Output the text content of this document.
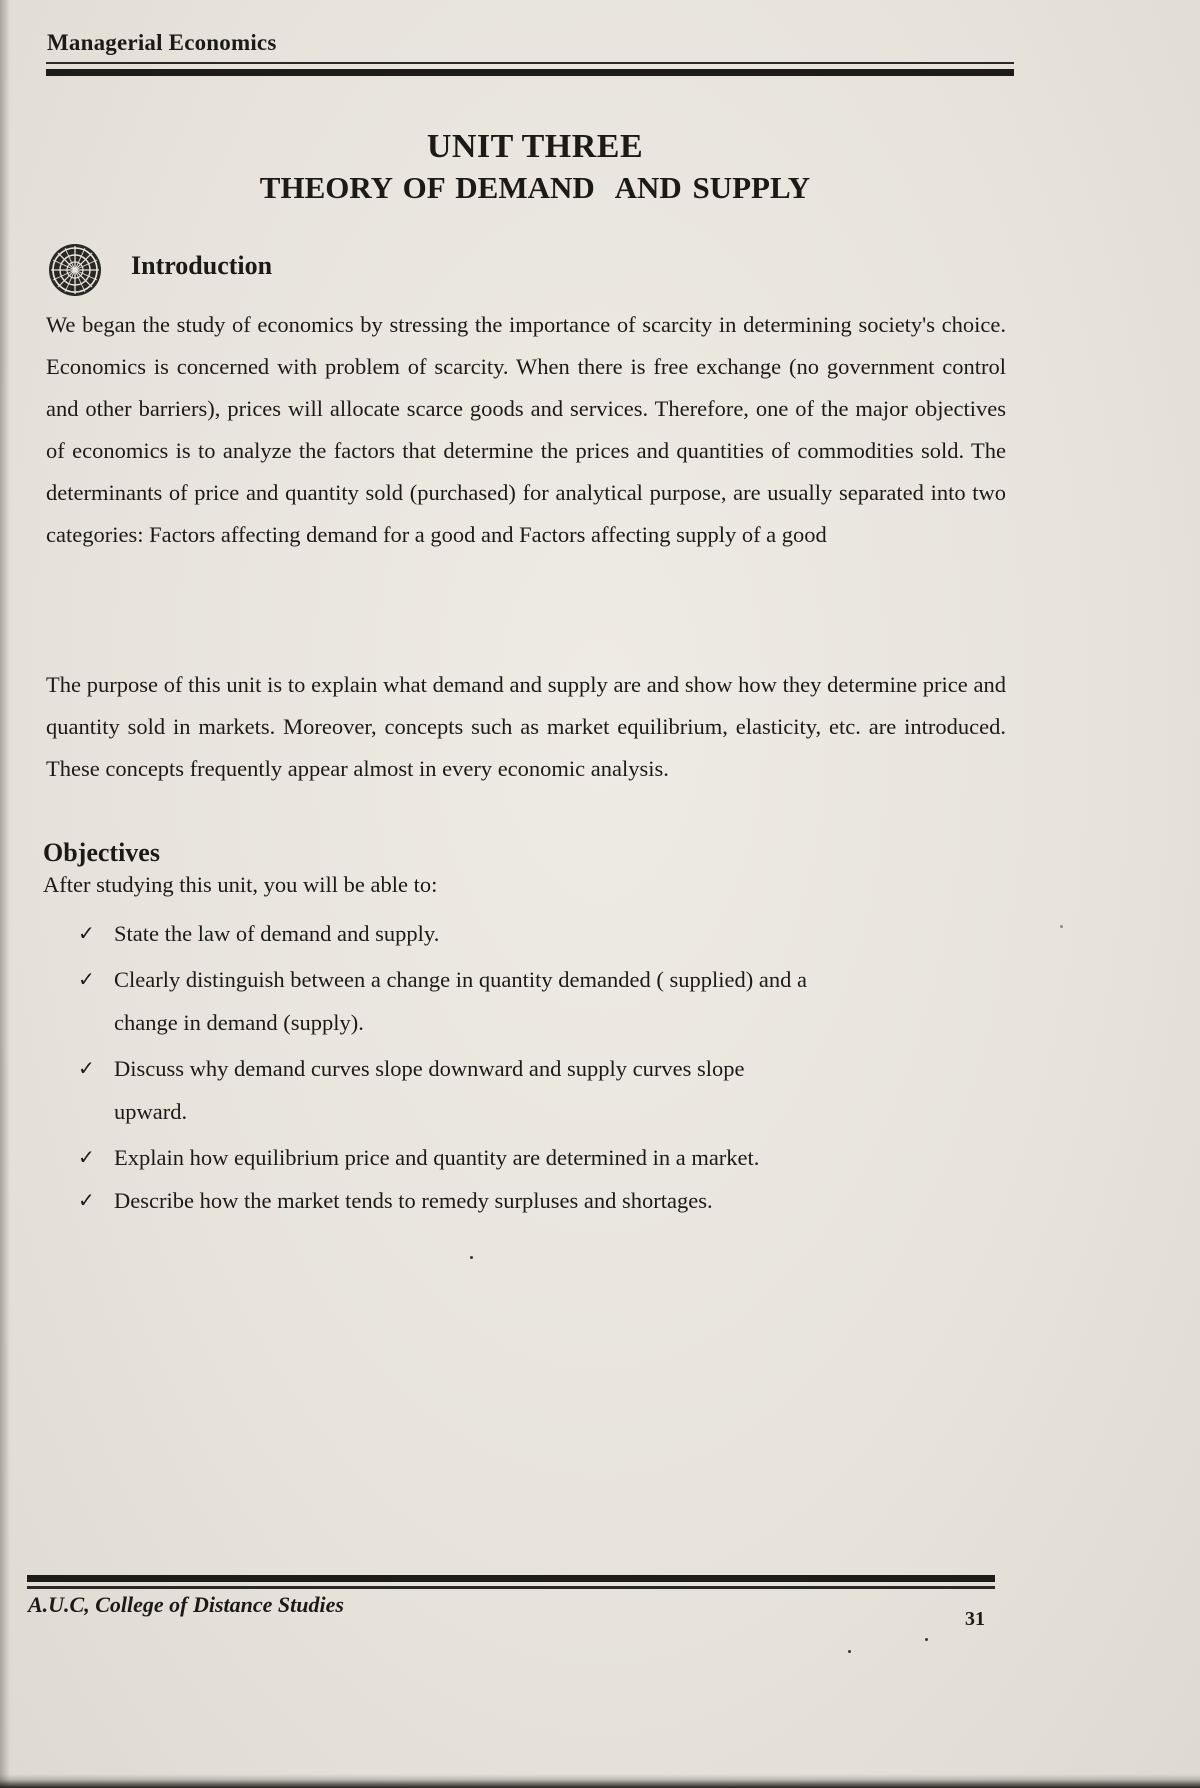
Managerial Economics
UNIT THREE
THEORY OF DEMAND  AND SUPPLY
Introduction

We began the study of economics by stressing the importance of scarcity in determining society's choice. Economics is concerned with problem of scarcity. When there is free exchange (no government control and other barriers), prices will allocate scarce goods and services. Therefore, one of the major objectives of economics is to analyze the factors that determine the prices and quantities of commodities sold. The determinants of price and quantity sold (purchased) for analytical purpose, are usually separated into two categories: Factors affecting demand for a good and Factors affecting supply of a good

The purpose of this unit is to explain what demand and supply are and show how they determine price and quantity sold in markets. Moreover, concepts such as market equilibrium, elasticity, etc. are introduced. These concepts frequently appear almost in every economic analysis.

Objectives
After studying this unit, you will be able to:
✓ State the law of demand and supply.
✓ Clearly distinguish between a change in quantity demanded ( supplied) and a change in demand (supply).
✓ Discuss why demand curves slope downward and supply curves slope upward.
✓ Explain how equilibrium price and quantity are determined in a market.
✓ Describe how the market tends to remedy surpluses and shortages.
A.U.C, College of Distance Studies
31
